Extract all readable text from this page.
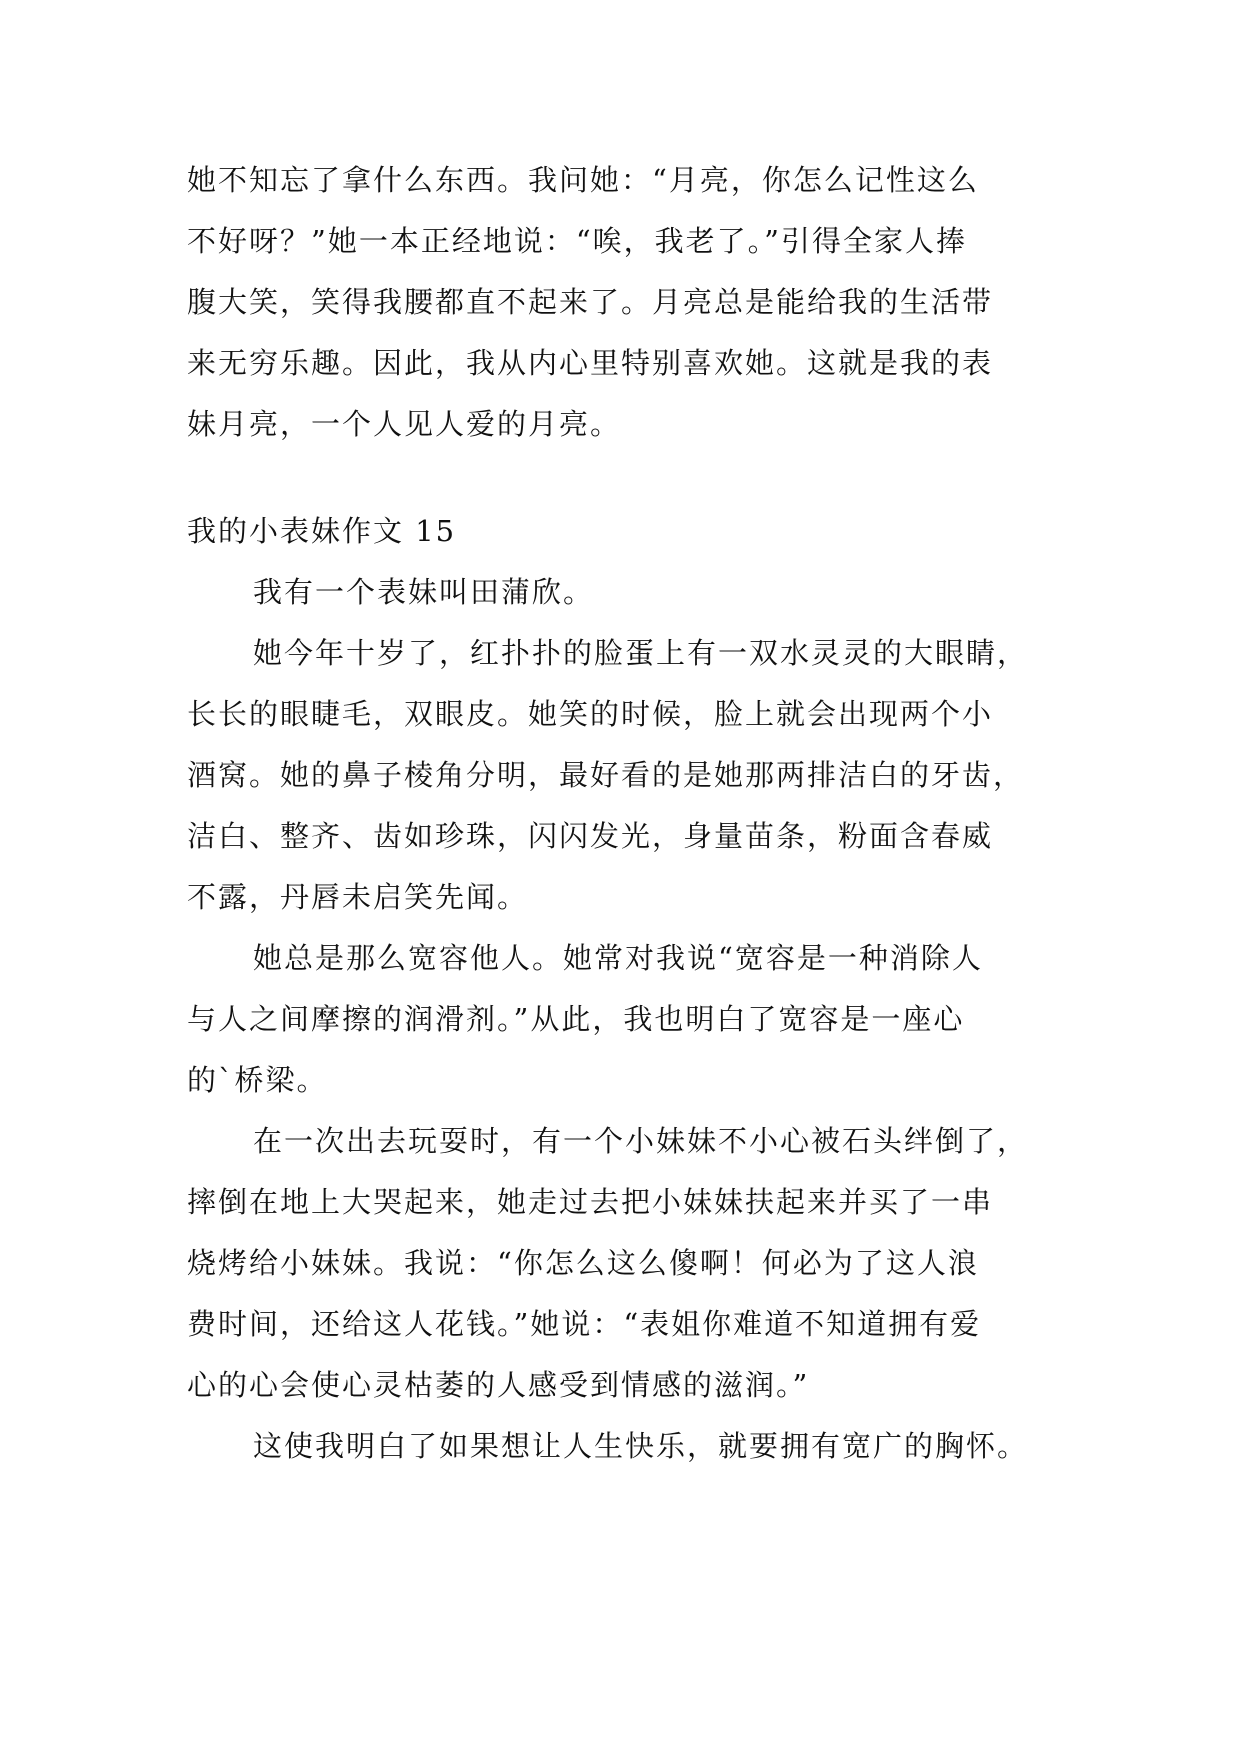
她不知忘了拿什么东西。我问她：“月亮，你怎么记性这么
不好呀？”她一本正经地说：“唉，我老了。”引得全家人捧
腹大笑，笑得我腰都直不起来了。月亮总是能给我的生活带
来无穷乐趣。因此，我从内心里特别喜欢她。这就是我的表
妹月亮，一个人见人爱的月亮。
我的小表妹作文 15
我有一个表妹叫田蒲欣。
她今年十岁了，红扑扑的脸蛋上有一双水灵灵的大眼睛，
长长的眼睫毛，双眼皮。她笑的时候，脸上就会出现两个小
酒窝。她的鼻子棱角分明，最好看的是她那两排洁白的牙齿，
洁白、整齐、齿如珍珠，闪闪发光，身量苗条，粉面含春威
不露，丹唇未启笑先闻。
她总是那么宽容他人。她常对我说“宽容是一种消除人
与人之间摩擦的润滑剂。”从此，我也明白了宽容是一座心
的`桥梁。
在一次出去玩耍时，有一个小妹妹不小心被石头绊倒了，
摔倒在地上大哭起来，她走过去把小妹妹扶起来并买了一串
烧烤给小妹妹。我说：“你怎么这么傻啊！何必为了这人浪
费时间，还给这人花钱。”她说：“表姐你难道不知道拥有爱
心的心会使心灵枯萎的人感受到情感的滋润。”
这使我明白了如果想让人生快乐，就要拥有宽广的胸怀。
